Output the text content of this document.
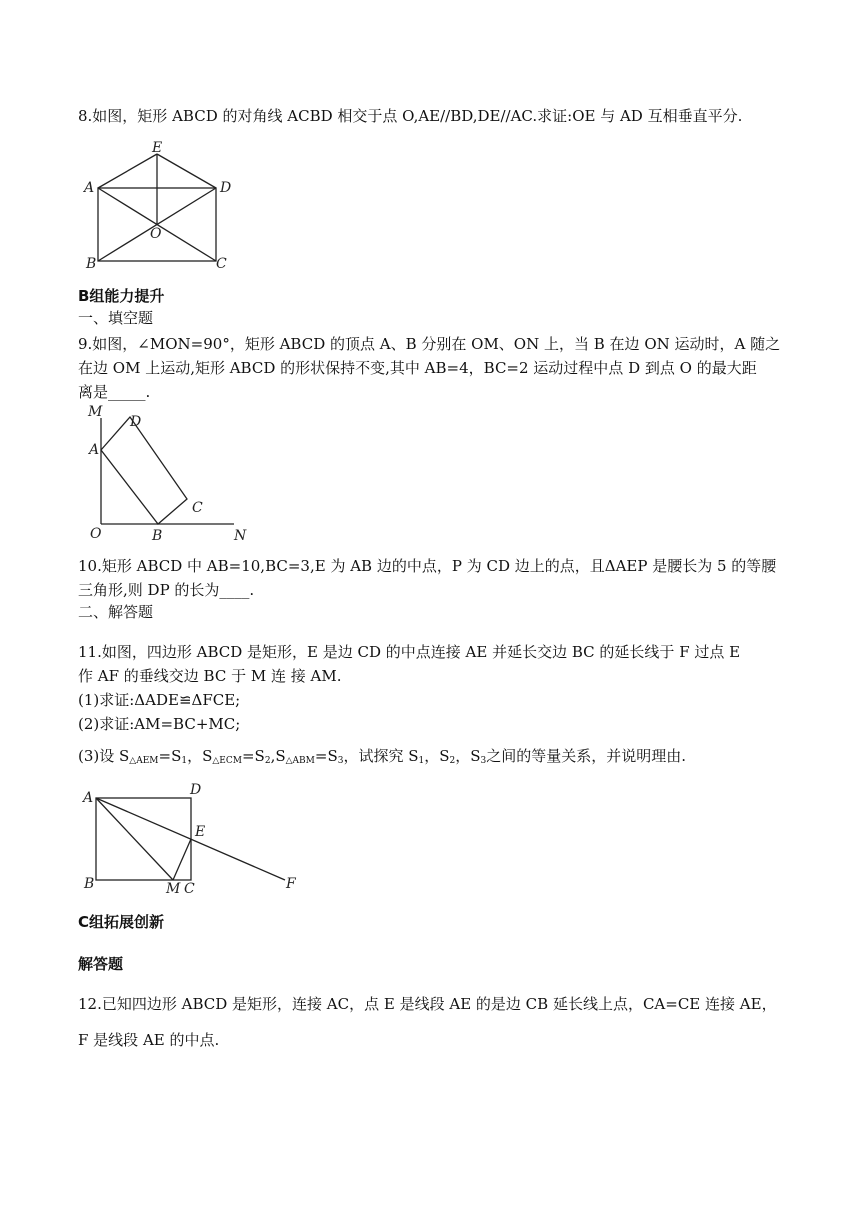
8.如图，矩形 ABCD 的对角线 ACBD 相交于点 O,AE//BD,DE//AC.求证:OE 与 AD 互相垂直平分.
E
A	D
O
B	C
B组能力提升
一、填空题
9.如图，∠MON=90°，矩形 ABCD 的顶点 A、B 分别在 OM、ON 上，当 B 在边 ON 运动时，A 随之
在边 OM 上运动,矩形 ABCD 的形状保持不变,其中 AB=4，BC=2 运动过程中点 D 到点 O 的最大距
离是_____.
M
D
A
C
O	B	N
10.矩形 ABCD 中 AB=10,BC=3,E 为 AB 边的中点，P 为 CD 边上的点，且ΔAEP 是腰长为 5 的等腰
三角形,则 DP 的长为____.
二、解答题
11.如图，四边形 ABCD 是矩形，E 是边 CD 的中点连接 AE 并延长交边 BC 的延长线于 F 过点 E
作 AF 的垂线交边 BC 于 M 连 接 AM.
(1)求证:ΔADE≌ΔFCE;
(2)求证:AM=BC+MC;
(3)设 $S_{\triangle AEM}=S_1$，$S_{\triangle ECM}=S_2,S_{\triangle ABM}=S_3$，试探究 $S_1$，$S_2$，$S_3$之间的等量关系，并说明理由.
A	D
E
B	M C	F
C组拓展创新
解答题
12.已知四边形 ABCD 是矩形，连接 AC，点 E 是线段 AE 的是边 CB 延长线上点，CA=CE 连接 AE，
F 是线段 AE 的中点.
